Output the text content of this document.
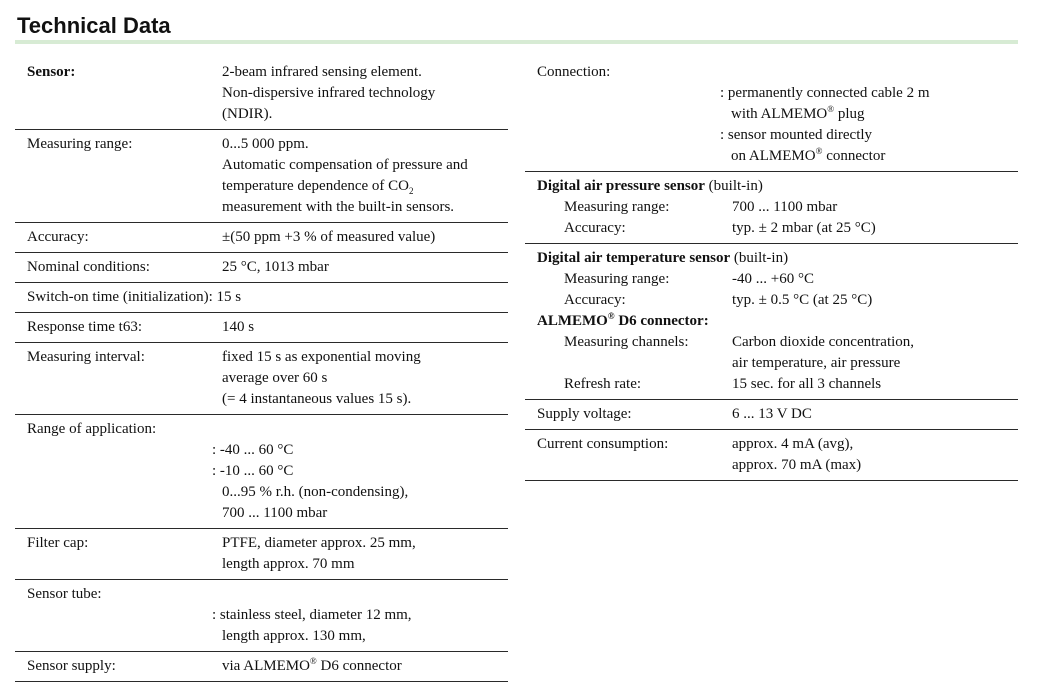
Technical Data
Sensor:	2-beam infrared sensing element.
Non-dispersive infrared technology
(NDIR).
Measuring range:	0...5 000 ppm.
Automatic compensation of pressure and
temperature dependence of $CO_2$
measurement with the built-in sensors.
Accuracy:	±(50 ppm +3 % of measured value)
Nominal conditions:	25 °C, 1013 mbar
Switch-on time (initialization): 15 s
Response time t63:	140 s
Measuring interval:	fixed 15 s as exponential moving
average over 60 s
(= 4 instantaneous values 15 s).
Range of application:
: -40 ... 60 °C
: -10 ... 60 °C
0...95 % r.h. (non-condensing),
700 ... 1100 mbar
Filter cap:	PTFE, diameter approx. 25 mm,
length approx. 70 mm
Sensor tube:
: stainless steel, diameter 12 mm,
length approx. 130 mm,
Sensor supply:	via ALMEMO® D6 connector
Connection:
: permanently connected cable 2 m
with ALMEMO® plug
: sensor mounted directly
on ALMEMO® connector
Digital air pressure sensor (built-in)
Measuring range:	700 ... 1100 mbar
Accuracy:	typ. ± 2 mbar (at 25 °C)
Digital air temperature sensor (built-in)
Measuring range:	-40 ... +60 °C
Accuracy:	typ. ± 0.5 °C (at 25 °C)
ALMEMO® D6 connector:
Measuring channels:	Carbon dioxide concentration,
air temperature, air pressure
Refresh rate:	15 sec. for all 3 channels
Supply voltage:	6 ... 13 V DC
Current consumption:	approx. 4 mA (avg),
approx. 70 mA (max)
